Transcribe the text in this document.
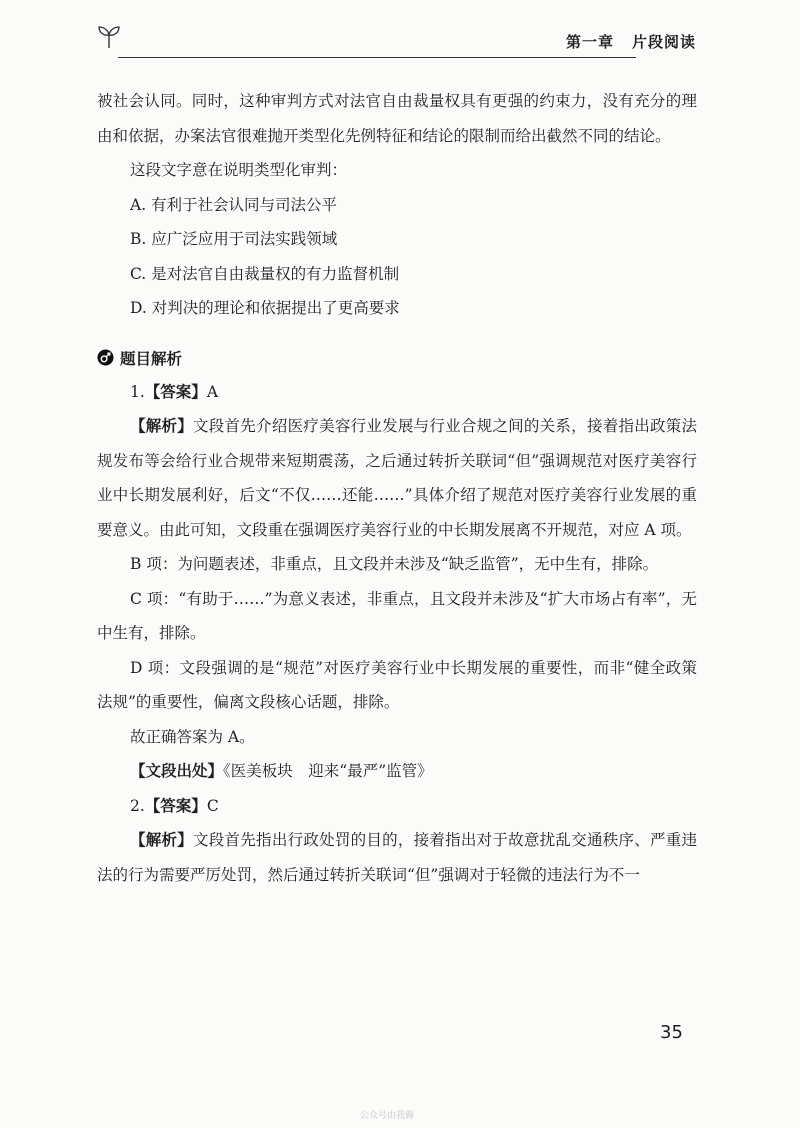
第一章 片段阅读

被社会认同。同时，这种审判方式对法官自由裁量权具有更强的约束力，没有充分的理由和依据，办案法官很难抛开类型化先例特征和结论的限制而给出截然不同的结论。

这段文字意在说明类型化审判：

A. 有利于社会认同与司法公平

B. 应广泛应用于司法实践领域

C. 是对法官自由裁量权的有力监督机制

D. 对判决的理论和依据提出了更高要求

题目解析

1.【答案】A

【解析】文段首先介绍医疗美容行业发展与行业合规之间的关系，接着指出政策法规发布等会给行业合规带来短期震荡，之后通过转折关联词“但”强调规范对医疗美容行业中长期发展利好，后文“不仅……还能……”具体介绍了规范对医疗美容行业发展的重要意义。由此可知，文段重在强调医疗美容行业的中长期发展离不开规范，对应 A 项。

B 项：为问题表述，非重点，且文段并未涉及“缺乏监管”，无中生有，排除。

C 项：“有助于……”为意义表述，非重点，且文段并未涉及“扩大市场占有率”，无中生有，排除。

D 项：文段强调的是“规范”对医疗美容行业中长期发展的重要性，而非“健全政策法规”的重要性，偏离文段核心话题，排除。

故正确答案为 A。

【文段出处】《医美板块　迎来“最严”监管》

2.【答案】C

【解析】文段首先指出行政处罚的目的，接着指出对于故意扰乱交通秩序、严重违法的行为需要严厉处罚，然后通过转折关联词“但”强调对于轻微的违法行为不一

35
公众号由我薅
